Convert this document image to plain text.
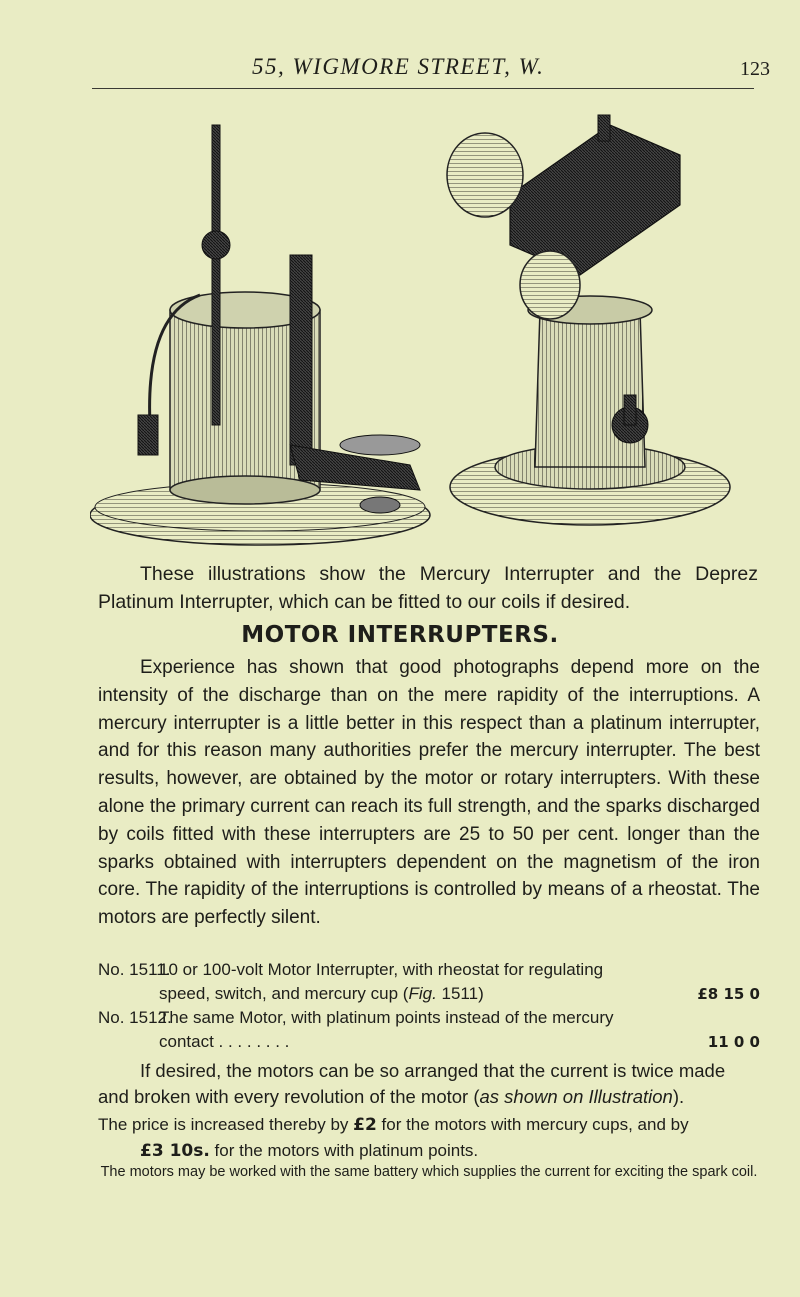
55, WIGMORE STREET, W.	123

These illustrations show the Mercury Interrupter and the Deprez Platinum Interrupter, which can be fitted to our coils if desired.

MOTOR INTERRUPTERS.

Experience has shown that good photographs depend more on the intensity of the discharge than on the mere rapidity of the interruptions. A mercury interrupter is a little better in this respect than a platinum interrupter, and for this reason many authorities prefer the mercury interrupter. The best results, however, are obtained by the motor or rotary interrupters. With these alone the primary current can reach its full strength, and the sparks discharged by coils fitted with these interrupters are 25 to 50 per cent. longer than the sparks obtained with interrupters dependent on the magnetism of the iron core. The rapidity of the interruptions is controlled by means of a rheostat. The motors are perfectly silent.

No. 1511.
10 or 100-volt Motor Interrupter, with rheostat for regulating speed, switch, and mercury cup (Fig. 1511)	£8 15 0
No. 1512.
The same Motor, with platinum points instead of the mercury contact . . . . . . . .	11 0 0

If desired, the motors can be so arranged that the current is twice made and broken with every revolution of the motor (as shown on Illustration).

The price is increased thereby by £2 for the motors with mercury cups, and by
£3 10s. for the motors with platinum points.
The motors may be worked with the same battery which supplies the current for exciting the spark coil.
